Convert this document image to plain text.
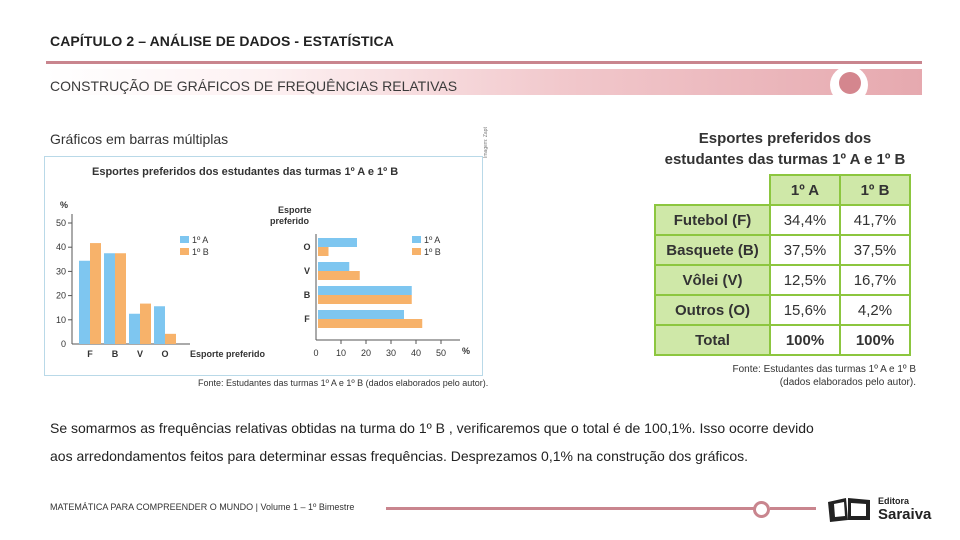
CAPÍTULO 2 – ANÁLISE DE DADOS - ESTATÍSTICA
CONSTRUÇÃO DE GRÁFICOS DE FREQUÊNCIAS RELATIVAS
Gráficos em barras múltiplas
Esportes preferidos dos estudantes das turmas 1º A e 1º B
Imagem: Zapt
%
0
10
20
30
40
50
F B V O Esporte preferido
1º A
1º B
Esporte
preferido
0 10 20 30 40 50 %
O
V
B
F
1º A
1º B
Fonte: Estudantes das turmas 1º A e 1º B (dados elaborados pelo autor).
Esportes preferidos dos
estudantes das turmas 1º A e 1º B
	1º A	1º B
Futebol (F)	34,4%	41,7%
Basquete (B)	37,5%	37,5%
Vôlei (V)	12,5%	16,7%
Outros (O)	15,6%	4,2%
Total	100%	100%
Fonte: Estudantes das turmas 1º A e 1º B
(dados elaborados pelo autor).
Se somarmos as frequências relativas obtidas na turma do 1º B , verificaremos que o total é de 100,1%. Isso ocorre devido
aos arredondamentos feitos para determinar essas frequências. Desprezamos 0,1% na construção dos gráficos.
MATEMÁTICA PARA COMPREENDER O MUNDO | Volume 1 – 1º Bimestre
Editora
Saraiva
